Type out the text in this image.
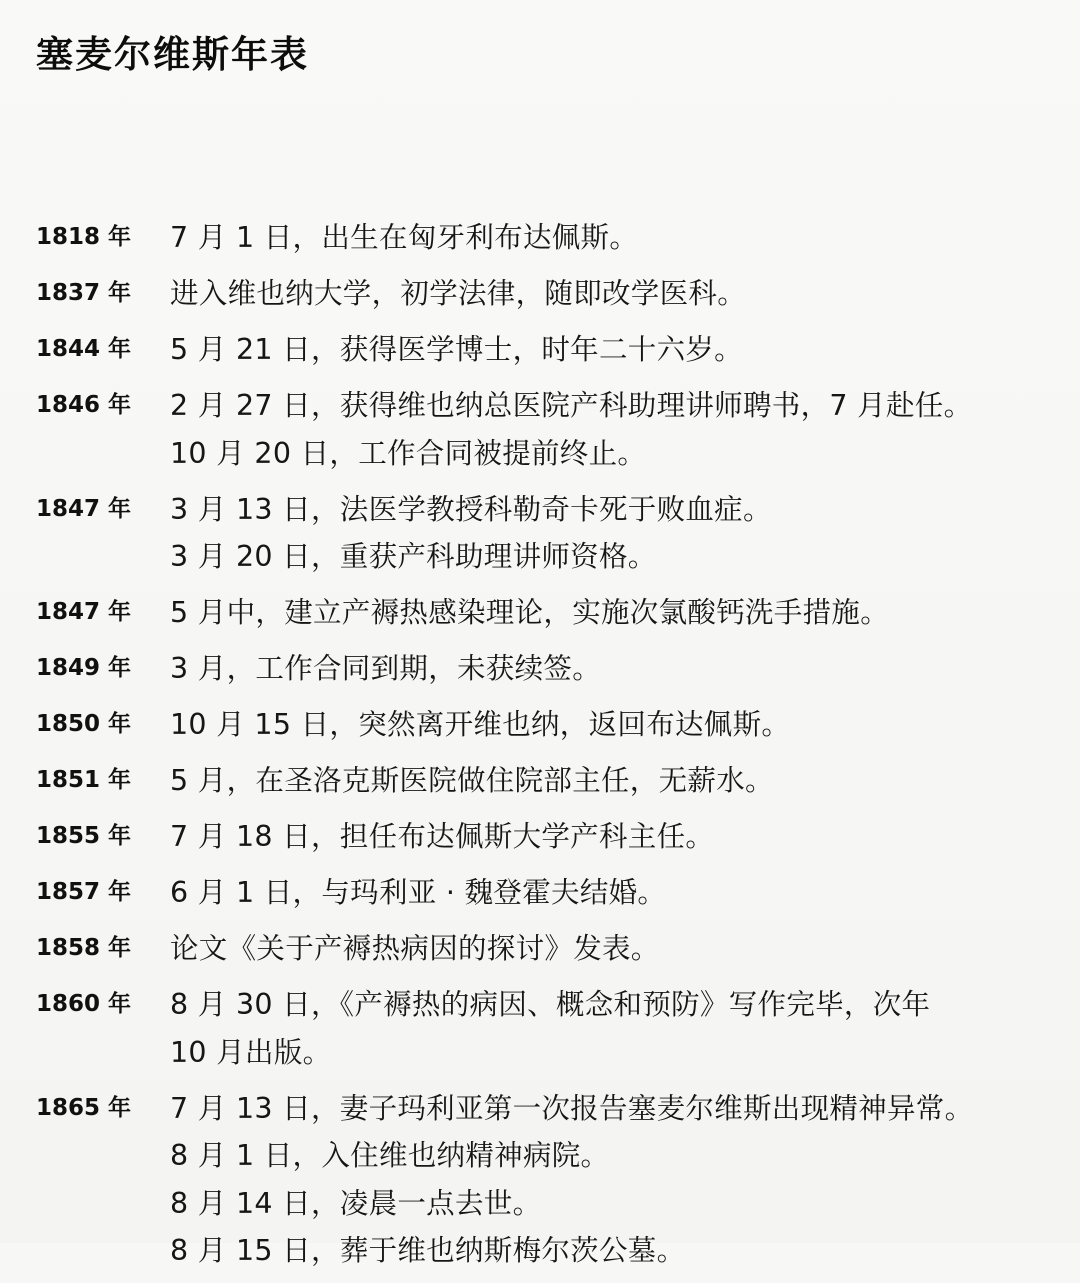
塞麦尔维斯年表
1818 年	7 月 1 日，出生在匈牙利布达佩斯。
1837 年	进入维也纳大学，初学法律，随即改学医科。
1844 年	5 月 21 日，获得医学博士，时年二十六岁。
1846 年	2 月 27 日，获得维也纳总医院产科助理讲师聘书，7 月赴任。
10 月 20 日，工作合同被提前终止。
1847 年	3 月 13 日，法医学教授科勒奇卡死于败血症。
3 月 20 日，重获产科助理讲师资格。
1847 年	5 月中，建立产褥热感染理论，实施次氯酸钙洗手措施。
1849 年	3 月，工作合同到期，未获续签。
1850 年	10 月 15 日，突然离开维也纳，返回布达佩斯。
1851 年	5 月，在圣洛克斯医院做住院部主任，无薪水。
1855 年	7 月 18 日，担任布达佩斯大学产科主任。
1857 年	6 月 1 日，与玛利亚 · 魏登霍夫结婚。
1858 年	论文《关于产褥热病因的探讨》发表。
1860 年	8 月 30 日，《产褥热的病因、概念和预防》写作完毕，次年
10 月出版。
1865 年	7 月 13 日，妻子玛利亚第一次报告塞麦尔维斯出现精神异常。
8 月 1 日，入住维也纳精神病院。
8 月 14 日，凌晨一点去世。
8 月 15 日，葬于维也纳斯梅尔茨公墓。
